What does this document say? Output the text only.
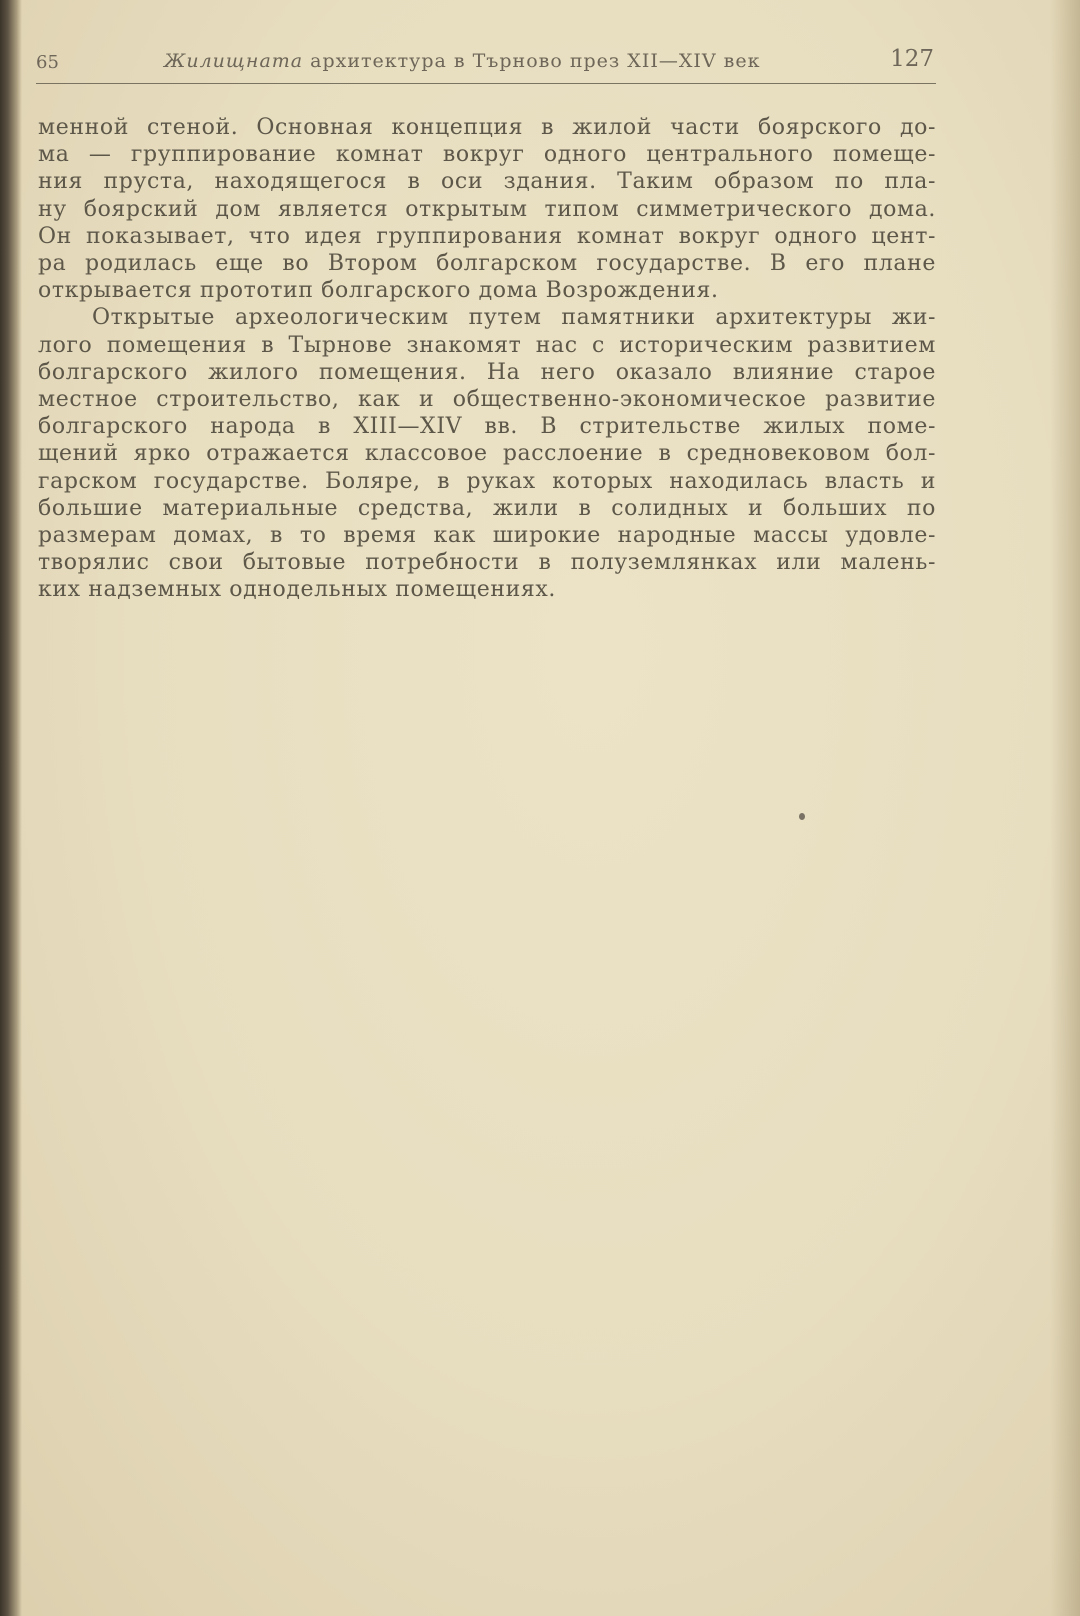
65	Жилищната архитектура в Търново през XII—XIV век	127
менной стеной. Основная концепция в жилой части боярского до-
ма — группирование комнат вокруг одного центрального помеще-
ния пруста, находящегося в оси здания. Таким образом по пла-
ну боярский дом является открытым типом симметрического дома.
Он показывает, что идея группирования комнат вокруг одного цент-
ра родилась еще во Втором болгарском государстве. В его плане
открывается прототип болгарского дома Возрождения.
Открытые археологическим путем памятники архитектуры жи-
лого помещения в Тырнове знакомят нас с историческим развитием
болгарского жилого помещения. На него оказало влияние старое
местное строительство, как и общественно-экономическое развитие
болгарского народа в XIII—XIV вв. В стрительстве жилых поме-
щений ярко отражается классовое расслоение в средновековом бол-
гарском государстве. Боляре, в руках которых находилась власть и
большие материальные средства, жили в солидных и больших по
размерам домах, в то время как широкие народные массы удовле-
творялис свои бытовые потребности в полуземлянках или малень-
ких надземных однодельных помещениях.
